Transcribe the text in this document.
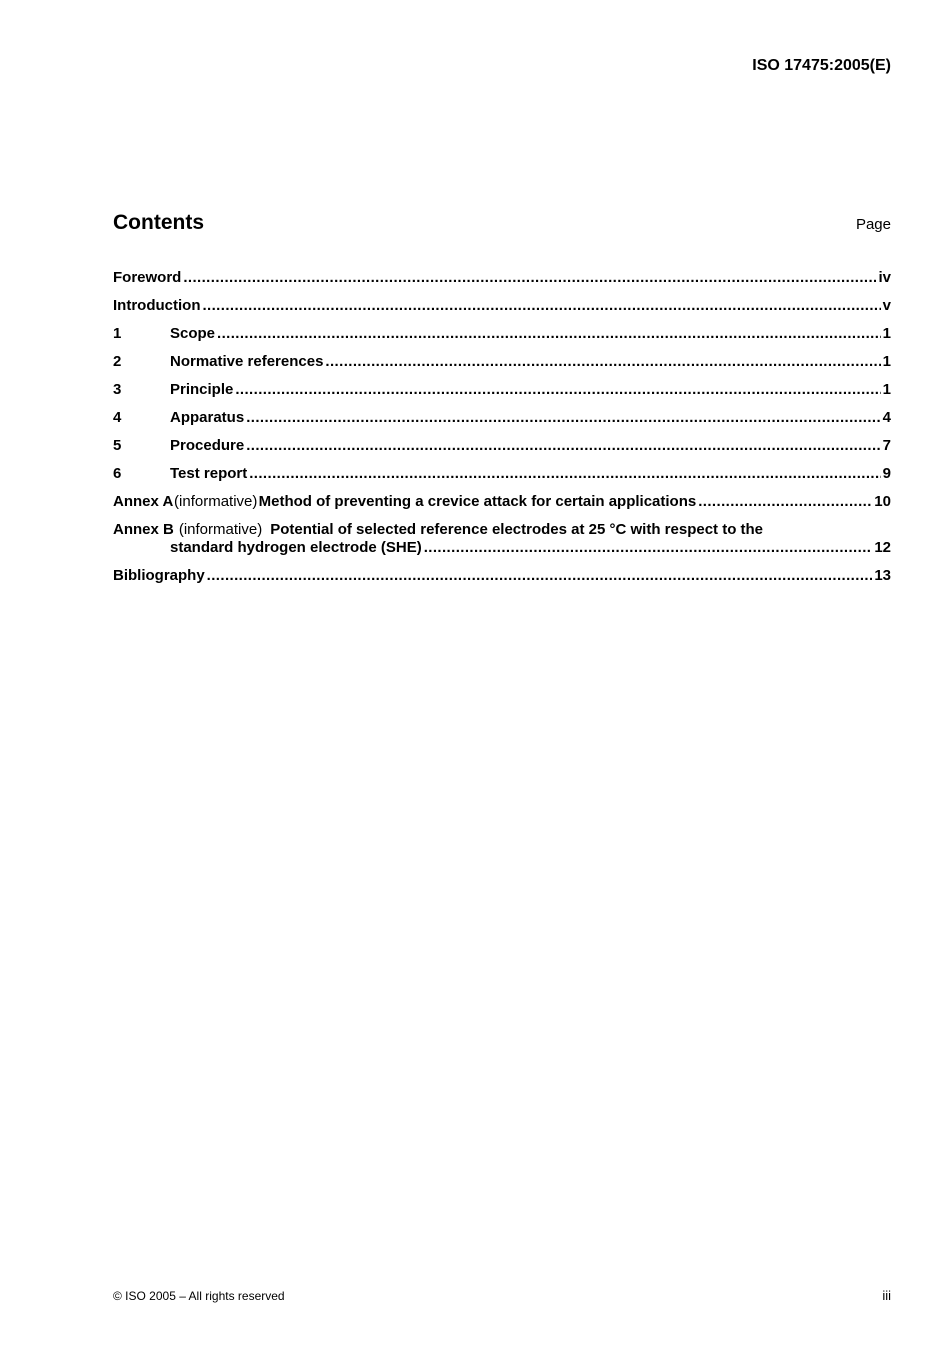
ISO 17475:2005(E)
Contents	Page
Foreword .....	iv
Introduction .....	v
1	Scope .....	1
2	Normative references .....	1
3	Principle .....	1
4	Apparatus .....	4
5	Procedure .....	7
6	Test report .....	9
Annex A (informative) Method of preventing a crevice attack for certain applications .....	10
Annex B (informative) Potential of selected reference electrodes at 25 °C with respect to the
standard hydrogen electrode (SHE) .....	12
Bibliography .....	13
© ISO 2005 – All rights reserved	iii
